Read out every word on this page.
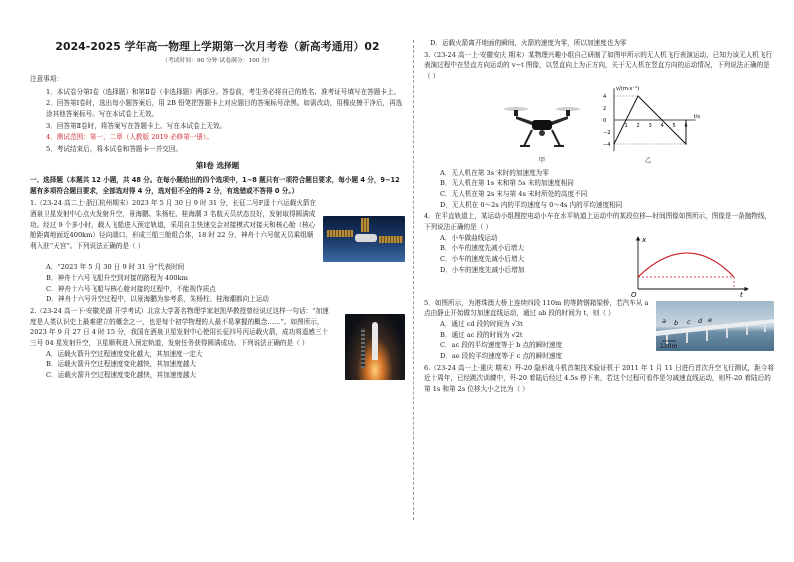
2024-2025 学年高一物理上学期第一次月考卷（新高考通用）02
（考试时间：90 分钟 试卷满分：100 分）
注意事项：
1．本试卷分第Ⅰ卷（选择题）和第Ⅱ卷（非选择题）两部分。答卷前，考生务必将自己的姓名、准考证号填写在答题卡上。
2．回答第Ⅰ卷时，选出每小题答案后，用 2B 铅笔把答题卡上对应题目的答案标号涂黑。如需改动，用橡皮擦干净后，再选涂其他答案标号。写在本试卷上无效。
3．回答第Ⅱ卷时，将答案写在答题卡上。写在本试卷上无效。
4．测试范围：第一、二章（人教版 2019 必修第一册）。
5．考试结束后，将本试卷和答题卡一并交回。
第Ⅰ卷 选择题
一、选择题（本题共 12 小题，共 48 分。在每小题给出的四个选项中，1~8 题只有一项符合题目要求，每小题 4 分，9~12 题有多项符合题目要求，全部选对得 4 分，选对但不全的得 2 分，有选错或不答得 0 分。）
1.（23-24 高二上·浙江杭州期末）2023 年 5 月 30 日 9 时 31 分，长征二号F遥十六运载火箭在酒泉卫星发射中心点火发射升空，景海鹏、朱杨柱、桂海潮 3 名航天员状态良好，发射取得圆满成功。经过 9 个多小时，载人飞船进入预定轨道，采用自主快速交会对接模式对接天和核心舱（核心舱距离地面近400km）径向端口，形成三船三舱组合体，18 时 22 分，神舟十六号航天员乘组顺利入驻“天宫”。下列说法正确的是（ ）
A．“2023 年 5 月 30 日 9 时 31 分”代表时间
B．神舟十六号飞船升空到对接的路程为 400km
C．神舟十六号飞船与核心舱对接的过程中，不能视作质点
D．神舟十六号升空过程中，以景海鹏为参考系，朱杨柱、桂海潮都向上运动
2.（23-24 高一下·安徽芜湖 开学考试）北京大学著名物理学家赵凯华教授曾经说过这样一句话：“加速度是人类认识史上最难建立的概念之一，也是每个初学物理的人最不易掌握的概念……”。如图所示，2023 年 9 月 27 日 4 时 15 分，我国在酒泉卫星发射中心使用长征四号丙运载火箭，成功将遥感三十三号 04 星发射升空，卫星顺利进入预定轨道，发射任务获得圆满成功。下列说法正确的是（ ）
A．运载火箭升空过程速度变化越大，其加速度一定大
B．运载火箭升空过程速度变化越快，其加速度越大
C．运载火箭升空过程速度变化越快，其加速度越大
D．运载火箭离开地面的瞬间，火箭的速度为零，所以加速度也为零
3.（23-24 高一上·安徽安庆 期末）某物理兴趣小组自己研制了如图甲所示的无人机飞行表演运动，已知力该无人机飞行表演过程中在竖直方向运动的 v−t 图像，以竖直向上为正方向，关于无人机在竖直方向的运动情况，下列说法正确的是（ ）
甲
v/(m·s⁻¹)
t/s
4
2
0
−2
−4
1 2 3 4 5 6
乙
A．无人机在第 3s 末时的加速度为零
B．无人机在第 1s 末和第 5s 末的加速度相同
C．无人机在第 2s 末与第 4s 末时所处的高度不同
D．无人机在 0～2s 内的平均速度与 0～4s 内的平均速度相同
4．在平直轨道上，某运动小组搜控电动小车在水平轨道上运动中的某段位移—时间图像如图所示，图像是一条抛物线，下列说法正确的是（ ）
A．小车做曲线运动
B．小车的速度先减小后增大
C．小车的速度先减小后增大
D．小车的速度先减小后增加
x
t
O
5．如图所示，为港珠澳大桥上连续四段 110m 的等跨钢箱梁桥，若汽车从 a 点由静止开始做匀加速直线运动，通过 ab 段的时间为 t，则（ ）
A．通过 cd 段的时间为 √3t
B．通过 ac 段的时间为 √2t
C．ac 段的平均速度等于 b 点的瞬时速度
D．ae 段的平均速度等于 c 点的瞬时速度
a b c d e
110m
6.（23-24 高一上·重庆 期末）歼-20 隐形战斗机首架技术验证机于 2011 年 1 月 11 日进行首次升空飞行测试，距今将近十周年，已经跳次训練中，歼-20 着陆后经过 4.5s 停下来，若这个过程可看作是匀减速直线运动，则歼-20 着陆后的第 1s 和第 2s 位移大小之比为（ ）
